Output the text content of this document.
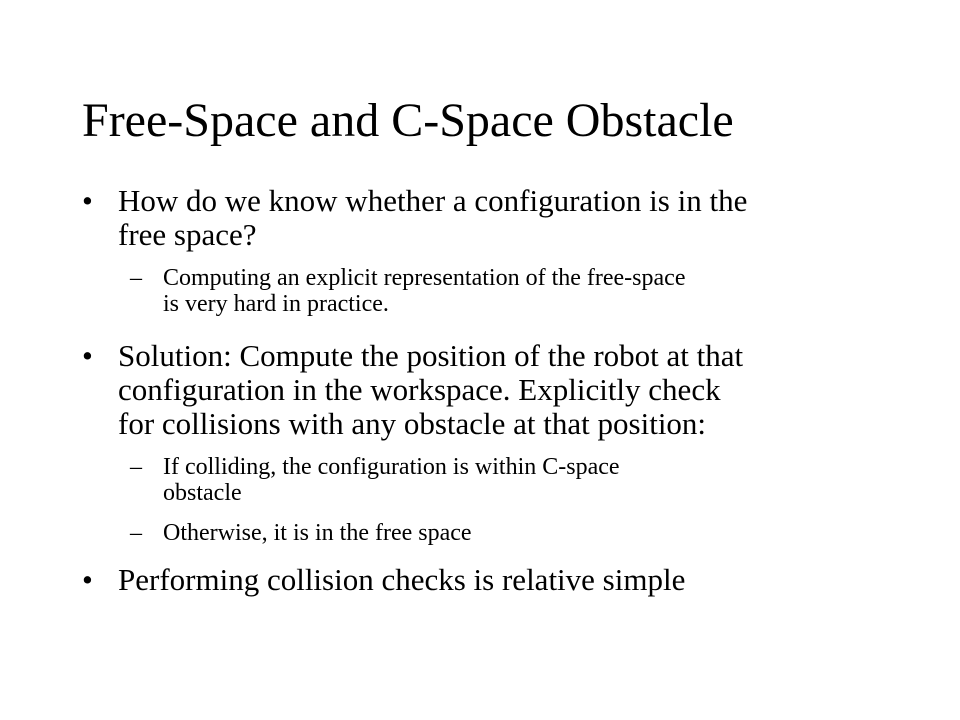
Free-Space and C-Space Obstacle
• How do we know whether a configuration is in the
free space?
– Computing an explicit representation of the free-space
is very hard in practice.
• Solution: Compute the position of the robot at that
configuration in the workspace. Explicitly check
for collisions with any obstacle at that position:
– If colliding, the configuration is within C-space
obstacle
– Otherwise, it is in the free space
• Performing collision checks is relative simple
